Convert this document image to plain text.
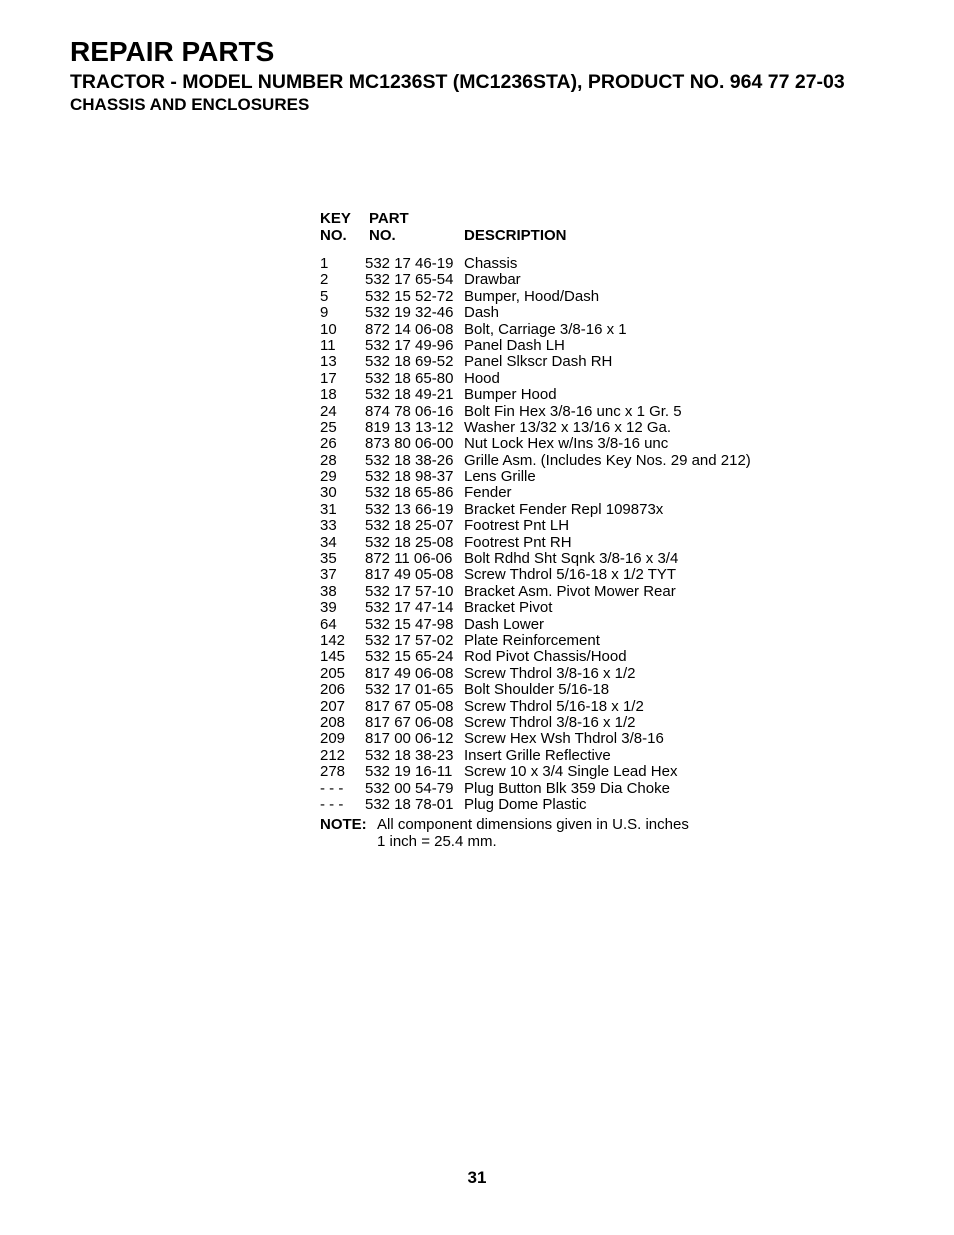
REPAIR PARTS
TRACTOR - MODEL NUMBER MC1236ST (MC1236STA), PRODUCT NO. 964 77 27-03
CHASSIS AND ENCLOSURES
KEY
NO.
PART
NO.	DESCRIPTION
1 532 17 46-19 Chassis
2 532 17 65-54 Drawbar
5 532 15 52-72 Bumper, Hood/Dash
9 532 19 32-46 Dash
10 872 14 06-08 Bolt, Carriage 3/8-16 x 1
11 532 17 49-96 Panel Dash LH
13 532 18 69-52 Panel Slkscr Dash RH
17 532 18 65-80 Hood
18 532 18 49-21 Bumper Hood
24 874 78 06-16 Bolt Fin Hex 3/8-16 unc x 1 Gr. 5
25 819 13 13-12 Washer 13/32 x 13/16 x 12 Ga.
26 873 80 06-00 Nut Lock Hex w/Ins 3/8-16 unc
28 532 18 38-26 Grille Asm. (Includes Key Nos. 29 and 212)
29 532 18 98-37 Lens Grille
30 532 18 65-86 Fender
31 532 13 66-19 Bracket Fender Repl 109873x
33 532 18 25-07 Footrest Pnt LH
34 532 18 25-08 Footrest Pnt RH
35 872 11 06-06 Bolt Rdhd Sht Sqnk 3/8-16 x 3/4
37 817 49 05-08 Screw Thdrol 5/16-18 x 1/2 TYT
38 532 17 57-10 Bracket Asm. Pivot Mower Rear
39 532 17 47-14 Bracket Pivot
64 532 15 47-98 Dash Lower
142 532 17 57-02 Plate Reinforcement
145 532 15 65-24 Rod Pivot Chassis/Hood
205 817 49 06-08 Screw Thdrol 3/8-16 x 1/2
206 532 17 01-65 Bolt Shoulder 5/16-18
207 817 67 05-08 Screw Thdrol 5/16-18 x 1/2
208 817 67 06-08 Screw Thdrol 3/8-16 x 1/2
209 817 00 06-12 Screw Hex Wsh Thdrol 3/8-16
212 532 18 38-23 Insert Grille Reflective
278 532 19 16-11 Screw 10 x 3/4 Single Lead Hex
- - - 532 00 54-79 Plug Button Blk 359 Dia Choke
- - - 532 18 78-01 Plug Dome Plastic
NOTE: All component dimensions given in U.S. inches
1 inch = 25.4 mm.
31
